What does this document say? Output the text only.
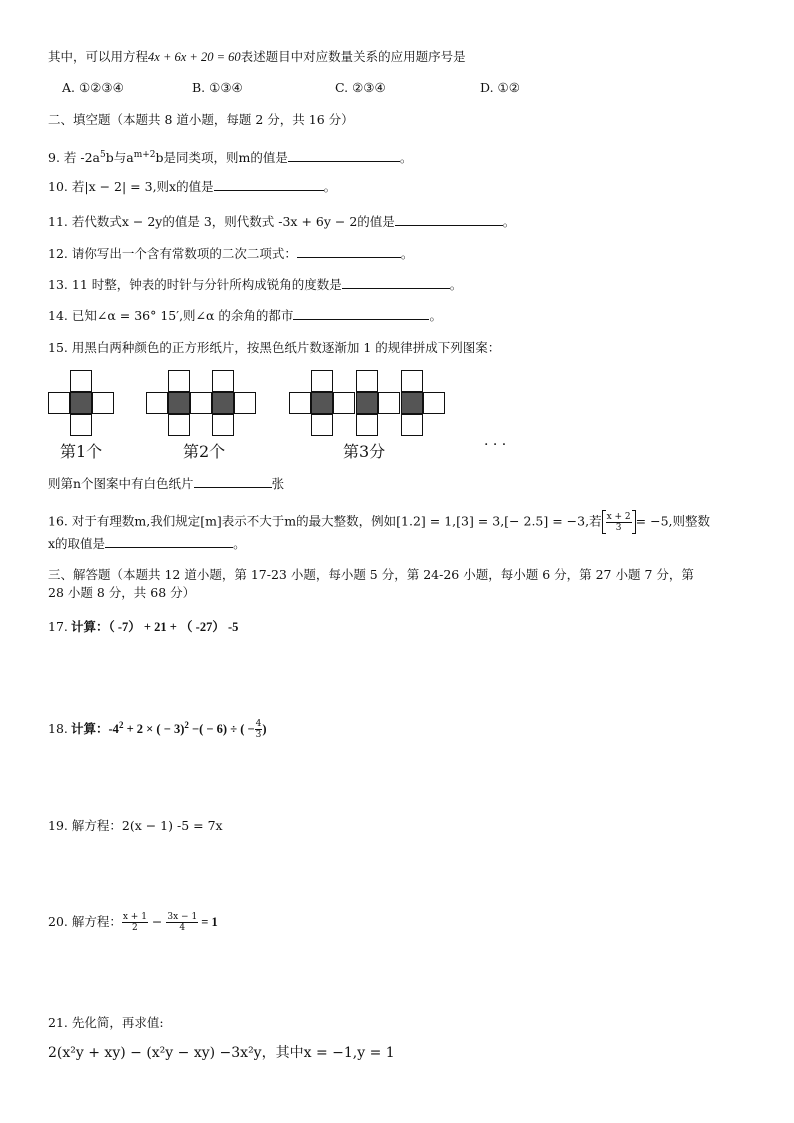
其中，可以用方程4x + 6x + 20 = 60表述题目中对应数量关系的应用题序号是
A. ①②③④	B. ①③④	C. ②③④	D. ①②
二、填空题（本题共 8 道小题，每题 2 分，共 16 分）
9. 若 $-2a^5b$与$a^{m+2}b$是同类项，则m的值是	。
10. 若|x − 2| = 3,则x的值是	。
11. 若代数式x − 2y的值是 3，则代数式 -3x + 6y − 2的值是	。
12. 请你写出一个含有常数项的二次二项式：	。
13. 11 时整，钟表的时针与分针所构成锐角的度数是	。
14. 已知∠α = 36° 15′,则∠α 的余角的都市	。
15. 用黑白两种颜色的正方形纸片，按黑色纸片数逐渐加 1 的规律拼成下列图案：
第1个	第2个	第3分	· · ·
则第n个图案中有白色纸片	张
16. 对于有理数m,我们规定[m]表示不大于m的最大整数，例如[1.2] = 1,[3] = 3,[− 2.5] = −3,若 $\frac{x + 2}{3} = -5$,则整数
x的取值是	。
三、解答题（本题共 12 道小题，第 17-23 小题，每小题 5 分，第 24-26 小题，每小题 6 分，第 27 小题 7 分，第
28 小题 8 分，共 68 分）
17. 计算：（ -7） + 21 + （ -27） -5
18. 计算：$-4^2 + 2$ × ( − 3)$^2$ −( − 6) ÷ ( − $\frac{4}{3}$ )
19. 解方程：2(x − 1) -5 = 7x
20. 解方程： $\frac{x + 1}{2} - \frac{3x - 1}{4} = 1$
21. 先化简，再求值:
2(x²y + xy) − (x²y − xy) −3x²y，其中x = −1,y = 1
